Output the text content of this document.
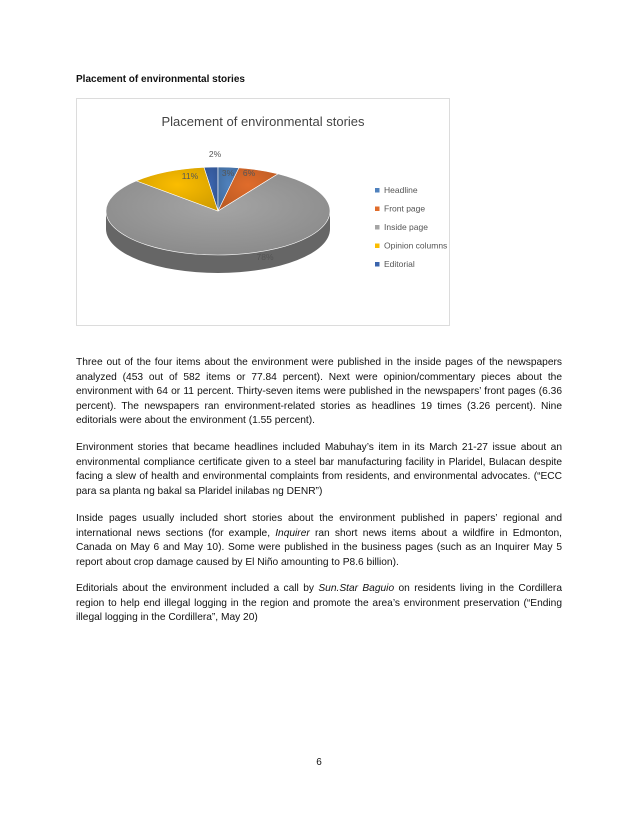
Placement of environmental stories
Placement of environmental stories
3% 6%
78%
11%
2%
Headline
Front page
Inside page
Opinion columns
Editorial

Three out of the four items about the environment were published in the inside pages of the newspapers analyzed (453 out of 582 items or 77.84 percent). Next were opinion/commentary pieces about the environment with 64 or 11 percent. Thirty-seven items were published in the newspapers’ front pages (6.36 percent). The newspapers ran environment-related stories as headlines 19 times (3.26 percent). Nine editorials were about the environment (1.55 percent).

Environment stories that became headlines included Mabuhay’s item in its March 21-27 issue about an environmental compliance certificate given to a steel bar manufacturing facility in Plaridel, Bulacan despite facing a slew of health and environmental complaints from residents, and environmental advocates. (“ECC para sa planta ng bakal sa Plaridel inilabas ng DENR”)

Inside pages usually included short stories about the environment published in papers’ regional and international news sections (for example, Inquirer ran short news items about a wildfire in Edmonton, Canada on May 6 and May 10). Some were published in the business pages (such as an Inquirer May 5 report about crop damage caused by El Niño amounting to P8.6 billion).

Editorials about the environment included a call by Sun.Star Baguio on residents living in the Cordillera region to help end illegal logging in the region and promote the area’s environment preservation (“Ending illegal logging in the Cordillera”, May 20)

6
